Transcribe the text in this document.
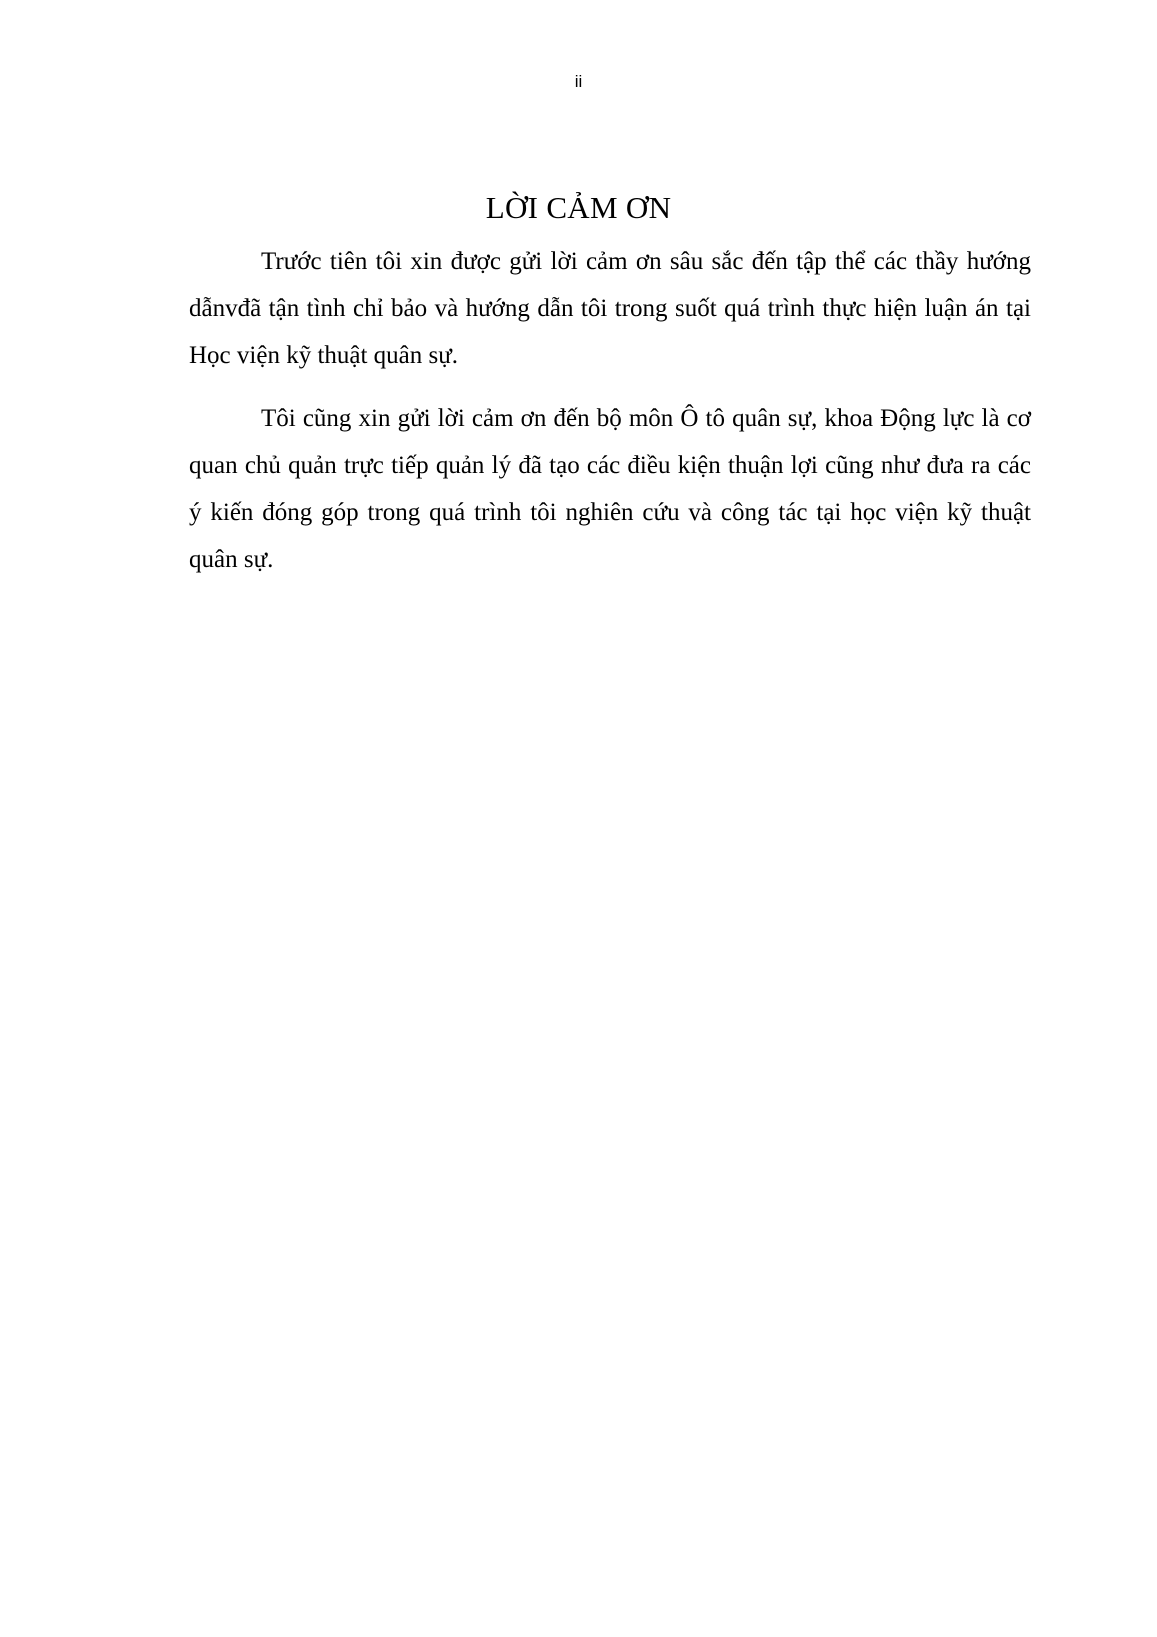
ii
LỜI CẢM ƠN

Trước tiên tôi xin được gửi lời cảm ơn sâu sắc đến tập thể các thầy hướng dẫnvđã tận tình chỉ bảo và hướng dẫn tôi trong suốt quá trình thực hiện luận án tại Học viện kỹ thuật quân sự.

Tôi cũng xin gửi lời cảm ơn đến bộ môn Ô tô quân sự, khoa Động lực là cơ quan chủ quản trực tiếp quản lý đã tạo các điều kiện thuận lợi cũng như đưa ra các ý kiến đóng góp trong quá trình tôi nghiên cứu và công tác tại học viện kỹ thuật quân sự.
